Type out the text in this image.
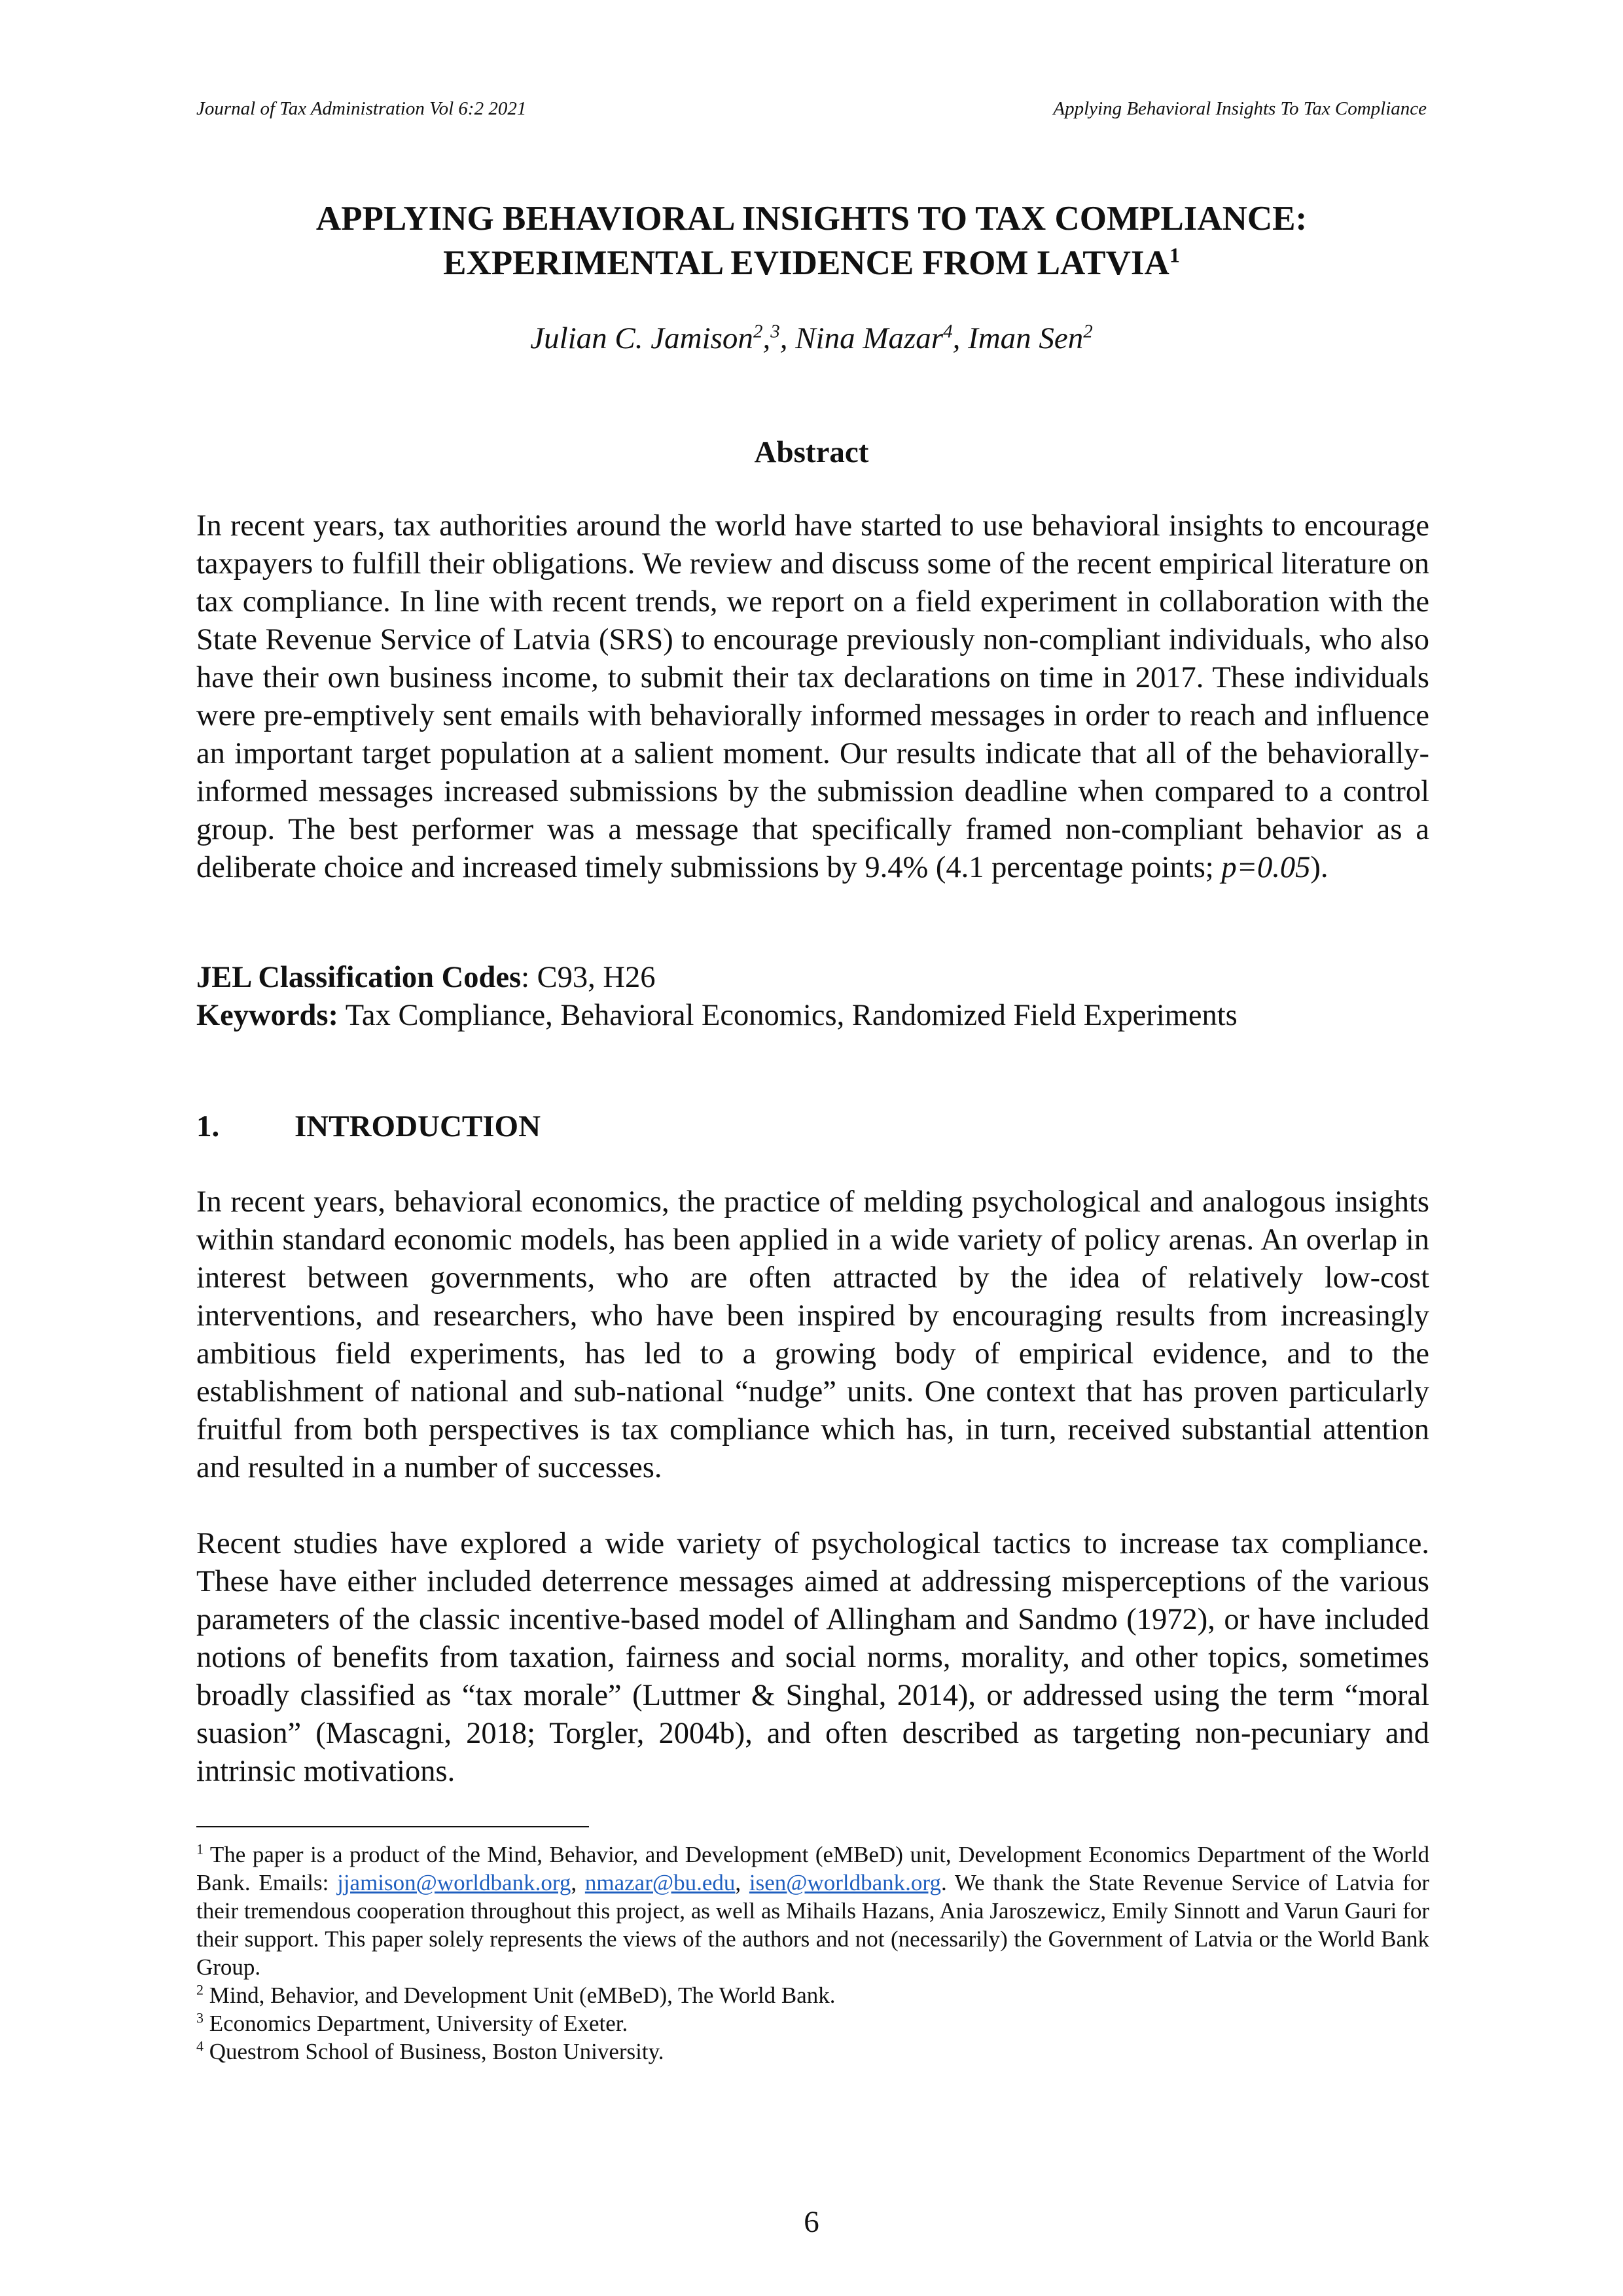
Journal of Tax Administration Vol 6:2 2021	Applying Behavioral Insights To Tax Compliance
APPLYING BEHAVIORAL INSIGHTS TO TAX COMPLIANCE:
EXPERIMENTAL EVIDENCE FROM LATVIA$^1$
Julian C. Jamison$^2$,$^3$, Nina Mazar$^4$, Iman Sen$^2$
Abstract

In recent years, tax authorities around the world have started to use behavioral insights to encourage taxpayers to fulfill their obligations. We review and discuss some of the recent empirical literature on tax compliance. In line with recent trends, we report on a field experiment in collaboration with the State Revenue Service of Latvia (SRS) to encourage previously non-compliant individuals, who also have their own business income, to submit their tax declarations on time in 2017. These individuals were pre-emptively sent emails with behaviorally informed messages in order to reach and influence an important target population at a salient moment. Our results indicate that all of the behaviorally-informed messages increased submissions by the submission deadline when compared to a control group. The best performer was a message that specifically framed non-compliant behavior as a deliberate choice and increased timely submissions by 9.4% (4.1 percentage points; p=0.05).

JEL Classification Codes: C93, H26

Keywords: Tax Compliance, Behavioral Economics, Randomized Field Experiments

1. INTRODUCTION

In recent years, behavioral economics, the practice of melding psychological and analogous insights within standard economic models, has been applied in a wide variety of policy arenas. An overlap in interest between governments, who are often attracted by the idea of relatively low-cost interventions, and researchers, who have been inspired by encouraging results from increasingly ambitious field experiments, has led to a growing body of empirical evidence, and to the establishment of national and sub-national “nudge” units. One context that has proven particularly fruitful from both perspectives is tax compliance which has, in turn, received substantial attention and resulted in a number of successes.

Recent studies have explored a wide variety of psychological tactics to increase tax compliance. These have either included deterrence messages aimed at addressing misperceptions of the various parameters of the classic incentive-based model of Allingham and Sandmo (1972), or have included notions of benefits from taxation, fairness and social norms, morality, and other topics, sometimes broadly classified as “tax morale” (Luttmer & Singhal, 2014), or addressed using the term “moral suasion” (Mascagni, 2018; Torgler, 2004b), and often described as targeting non-pecuniary and intrinsic motivations.

$^1$ The paper is a product of the Mind, Behavior, and Development (eMBeD) unit, Development Economics Department of the World Bank. Emails: jjamison@worldbank.org, nmazar@bu.edu, isen@worldbank.org. We thank the State Revenue Service of Latvia for their tremendous cooperation throughout this project, as well as Mihails Hazans, Ania Jaroszewicz, Emily Sinnott and Varun Gauri for their support. This paper solely represents the views of the authors and not (necessarily) the Government of Latvia or the World Bank Group.

$^2$ Mind, Behavior, and Development Unit (eMBeD), The World Bank.

$^3$ Economics Department, University of Exeter.

$^4$ Questrom School of Business, Boston University.

6
